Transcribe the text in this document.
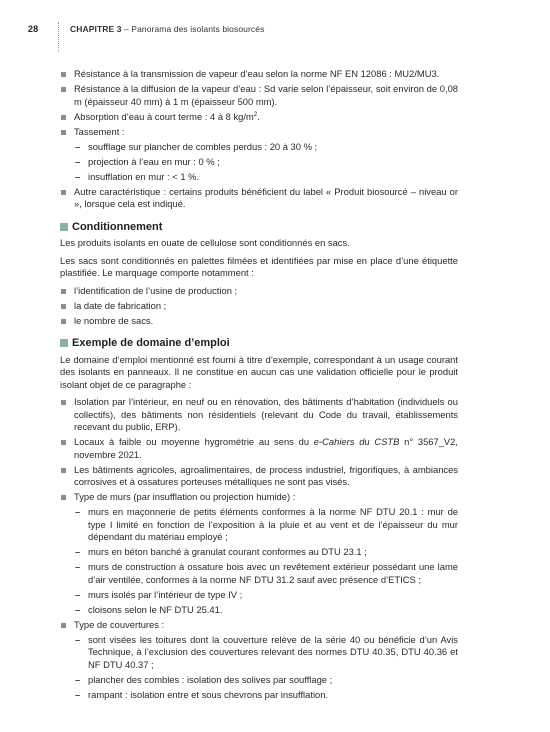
28	CHAPITRE 3 – Panorama des isolants biosourcés
Résistance à la transmission de vapeur d’eau selon la norme NF EN 12086 : MU2/MU3.
Résistance à la diffusion de la vapeur d’eau : Sd varie selon l’épaisseur, soit environ de 0,08 m (épaisseur 40 mm) à 1 m (épaisseur 500 mm).
Absorption d’eau à court terme : 4 à 8 $kg/m^2$.
Tassement :
– soufflage sur plancher de combles perdus : 20 à 30 % ;
– projection à l’eau en mur : 0 % ;
– insufflation en mur : < 1 %.
Autre caractéristique : certains produits bénéficient du label « Produit biosourcé – niveau or », lorsque cela est indiqué.
Conditionnement
Les produits isolants en ouate de cellulose sont conditionnés en sacs.
Les sacs sont conditionnés en palettes filmées et identifiées par mise en place d’une étiquette plastifiée. Le marquage comporte notamment :
l’identification de l’usine de production ;
la date de fabrication ;
le nombre de sacs.
Exemple de domaine d’emploi
Le domaine d’emploi mentionné est fourni à titre d’exemple, correspondant à un usage courant des isolants en panneaux. Il ne constitue en aucun cas une validation officielle pour le produit isolant objet de ce paragraphe :
Isolation par l’intérieur, en neuf ou en rénovation, des bâtiments d’habitation (individuels ou collectifs), des bâtiments non résidentiels (relevant du Code du travail, établissements recevant du public, ERP).
Locaux à faible ou moyenne hygrométrie au sens du e-Cahiers du CSTB n° 3567_V2, novembre 2021.
Les bâtiments agricoles, agroalimentaires, de process industriel, frigorifiques, à ambiances corrosives et à ossatures porteuses métalliques ne sont pas visés.
Type de murs (par insufflation ou projection humide) :
– murs en maçonnerie de petits éléments conformes à la norme NF DTU 20.1 : mur de type I limité en fonction de l’exposition à la pluie et au vent et de l’épaisseur du mur dépendant du matériau employé ;
– murs en béton banché à granulat courant conformes au DTU 23.1 ;
– murs de construction à ossature bois avec un revêtement extérieur possédant une lame d’air ventilée, conformes à la norme NF DTU 31.2 sauf avec présence d’ETICS ;
– murs isolés par l’intérieur de type IV ;
– cloisons selon le NF DTU 25.41.
Type de couvertures :
– sont visées les toitures dont la couverture relève de la série 40 ou bénéficie d’un Avis Technique, à l’exclusion des couvertures relevant des normes DTU 40.35, DTU 40.36 et NF DTU 40.37 ;
– plancher des combles : isolation des solives par soufflage ;
– rampant : isolation entre et sous chevrons par insufflation.
